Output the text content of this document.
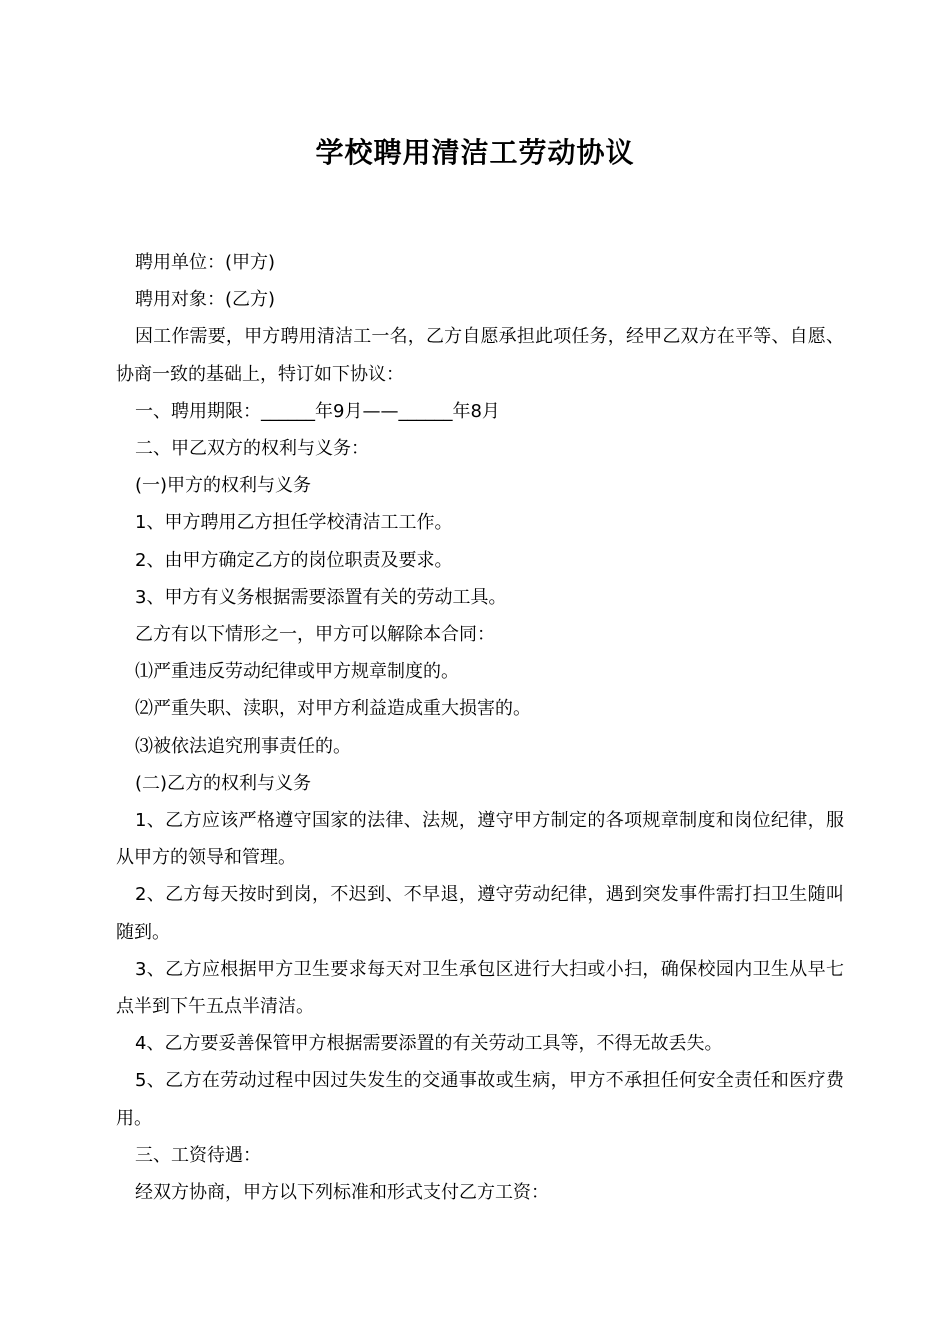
学校聘用清洁工劳动协议

聘用单位：(甲方)

聘用对象：(乙方)

因工作需要，甲方聘用清洁工一名，乙方自愿承担此项任务，经甲乙双方在平等、自愿、协商一致的基础上，特订如下协议：

一、聘用期限：______年9月——______年8月

二、甲乙双方的权利与义务：

(一)甲方的权利与义务

1、甲方聘用乙方担任学校清洁工工作。

2、由甲方确定乙方的岗位职责及要求。

3、甲方有义务根据需要添置有关的劳动工具。

乙方有以下情形之一，甲方可以解除本合同：

⑴严重违反劳动纪律或甲方规章制度的。

⑵严重失职、渎职，对甲方利益造成重大损害的。

⑶被依法追究刑事责任的。

(二)乙方的权利与义务

1、乙方应该严格遵守国家的法律、法规，遵守甲方制定的各项规章制度和岗位纪律，服从甲方的领导和管理。

2、乙方每天按时到岗，不迟到、不早退，遵守劳动纪律，遇到突发事件需打扫卫生随叫随到。

3、乙方应根据甲方卫生要求每天对卫生承包区进行大扫或小扫，确保校园内卫生从早七点半到下午五点半清洁。

4、乙方要妥善保管甲方根据需要添置的有关劳动工具等，不得无故丢失。

5、乙方在劳动过程中因过失发生的交通事故或生病，甲方不承担任何安全责任和医疗费用。

三、工资待遇：

经双方协商，甲方以下列标准和形式支付乙方工资：
